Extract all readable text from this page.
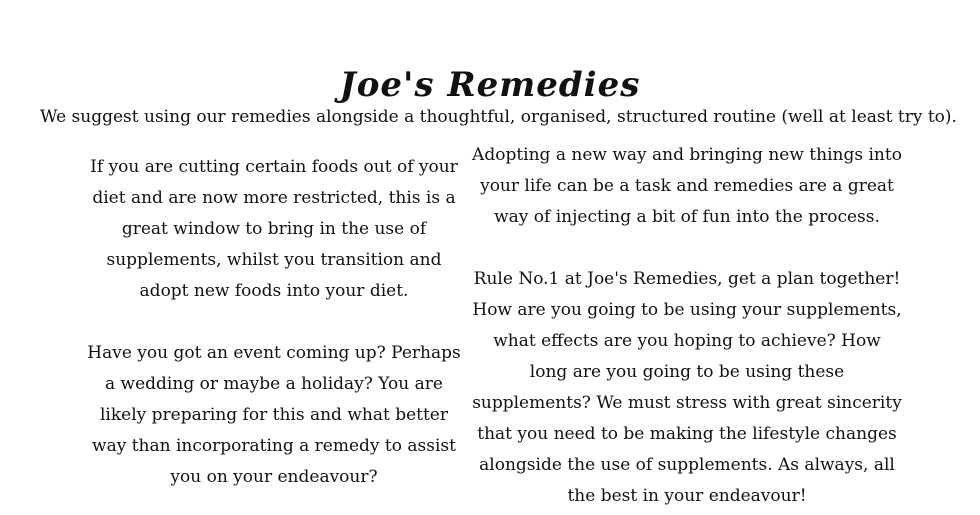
Joe's Remedies
We suggest using our remedies alongside a thoughtful, organised, structured routine (well at least try to).

If you are cutting certain foods out of your diet and are now more restricted, this is a great window to bring in the use of supplements, whilst you transition and adopt new foods into your diet.

Have you got an event coming up? Perhaps a wedding or maybe a holiday? You are likely preparing for this and what better way than incorporating a remedy to assist you on your endeavour?

Adopting a new way and bringing new things into your life can be a task and remedies are a great way of injecting a bit of fun into the process.

Rule No.1 at Joe's Remedies, get a plan together! How are you going to be using your supplements, what effects are you hoping to achieve? How long are you going to be using these supplements? We must stress with great sincerity that you need to be making the lifestyle changes alongside the use of supplements. As always, all the best in your endeavour!
